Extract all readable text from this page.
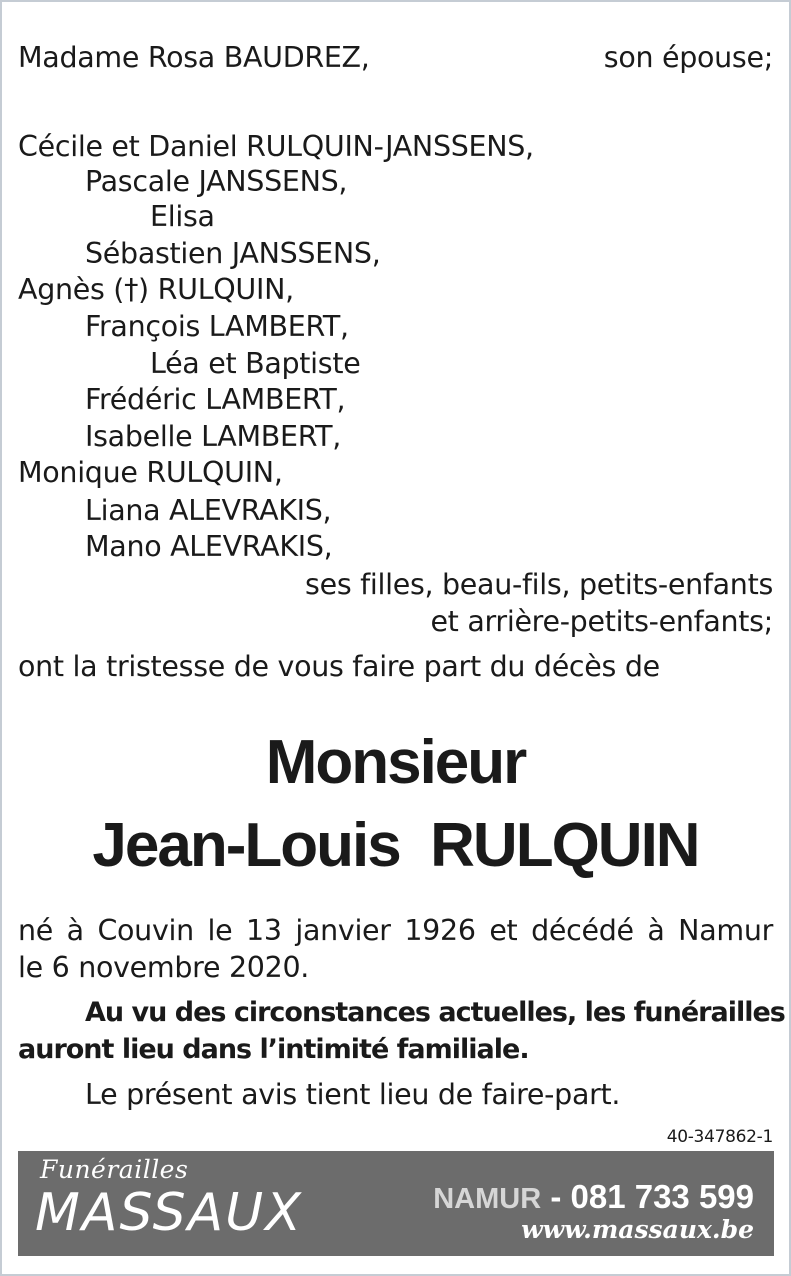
Madame Rosa BAUDREZ,	son épouse;
Cécile et Daniel RULQUIN-JANSSENS,
Pascale JANSSENS,
Elisa
Sébastien JANSSENS,
Agnès (†) RULQUIN,
François LAMBERT,
Léa et Baptiste
Frédéric LAMBERT,
Isabelle LAMBERT,
Monique RULQUIN,
Liana ALEVRAKIS,
Mano ALEVRAKIS,
ses filles, beau-fils, petits-enfants
et arrière-petits-enfants;
ont la tristesse de vous faire part du décès de
Monsieur
Jean-Louis  RULQUIN
né à Couvin le 13 janvier 1926 et décédé à Namur
le 6 novembre 2020.
Au vu des circonstances actuelles, les funérailles
auront lieu dans l’intimité familiale.
Le présent avis tient lieu de faire-part.
40-347862-1
Funérailles
MASSAUX	NAMUR - 081 733 599
www.massaux.be
